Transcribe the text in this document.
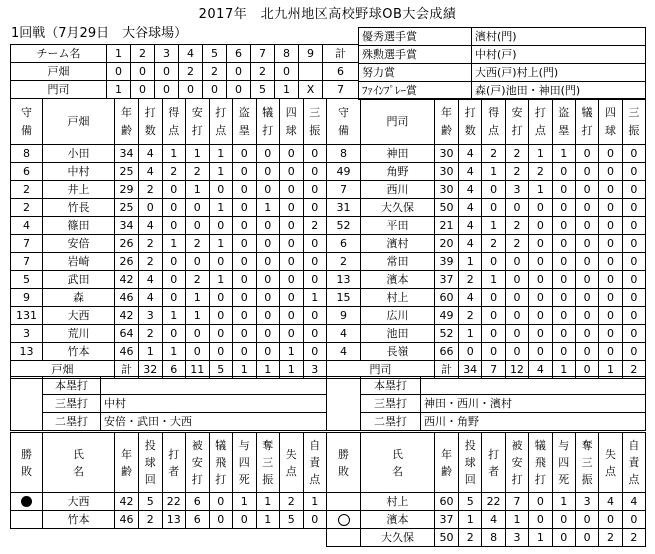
2017年　北九州地区高校野球OB大会成績
1回戦（7月29日　大谷球場）
チーム名	1	2	3	4	5	6	7	8	9	計
戸畑	0	0	0	2	2	0	2	0		6
門司	1	0	0	0	0	0	5	1	X	7
優秀選手賞	濱村(門)
殊勲選手賞	中村(戸)
努力賞	大西(戸)村上(門)
ﾌｧｲﾝﾌﾟﾚｰ賞	森(戸)池田・神田(門)
守備	戸畑	年齢	打数	得点	安打	打点	盗塁	犠打	四球	三振

8	小田	34	4	1	1	1	0	0	0	0
6	中村	25	4	2	2	1	0	0	0	0
2	井上	29	2	0	1	0	0	0	0	0
2	竹長	25	0	0	0	1	0	1	0	0
4	篠田	34	4	0	0	0	0	0	0	2
7	安倍	26	2	1	2	1	0	0	0	0
7	岩崎	26	2	0	0	0	0	0	0	0
5	武田	42	4	0	2	1	0	0	0	0
9	森	46	4	0	1	0	0	0	0	1
131	大西	42	3	1	1	0	0	0	0	0
3	荒川	64	2	0	0	0	0	0	0	0
13	竹本	46	1	1	0	0	0	0	1	0
戸畑		計	32	6	11	5	1	1	1	3
守備	門司	年齢	打数	得点	安打	打点	盗塁	犠打	四球	三振

8	神田	30	4	2	2	1	1	0	0	0
49	角野	30	4	1	2	2	0	0	0	0
7	西川	30	4	0	3	1	0	0	0	0
31	大久保	50	4	0	0	0	0	0	0	0
52	平田	21	4	1	2	0	0	0	0	0
6	濱村	20	4	2	2	0	0	0	0	0
2	常田	39	1	0	0	0	0	0	0	0
13	濱本	37	2	1	0	0	0	0	0	0
15	村上	60	4	0	0	0	0	0	0	0
9	広川	49	2	0	0	0	0	0	0	0
4	池田	52	1	0	0	0	0	0	0	0
4	長嶺	66	0	0	0	0	0	0	0	0
門司		計	34	7	12	4	1	0	1	2
	本塁打	
	三塁打	中村
	二塁打	安倍・武田・大西
	本塁打	
	三塁打	神田・西川・濱村
	二塁打	西川・角野
勝敗	氏名	年齢	投球回	打者	被安打	犠飛打	与四死	奪三振	失点	自責点

	大西	42	5	22	6	0	1	1	2	1
	竹本	46	2	13	6	0	0	1	5	0
勝敗	氏名	年齢	投球回	打者	被安打	犠飛打	与四死	奪三振	失点	自責点

	村上	60	5	22	7	0	1	3	4	4
	濱本	37	1	4	1	0	0	0	0	0
	大久保	50	2	8	3	1	0	0	2	2
